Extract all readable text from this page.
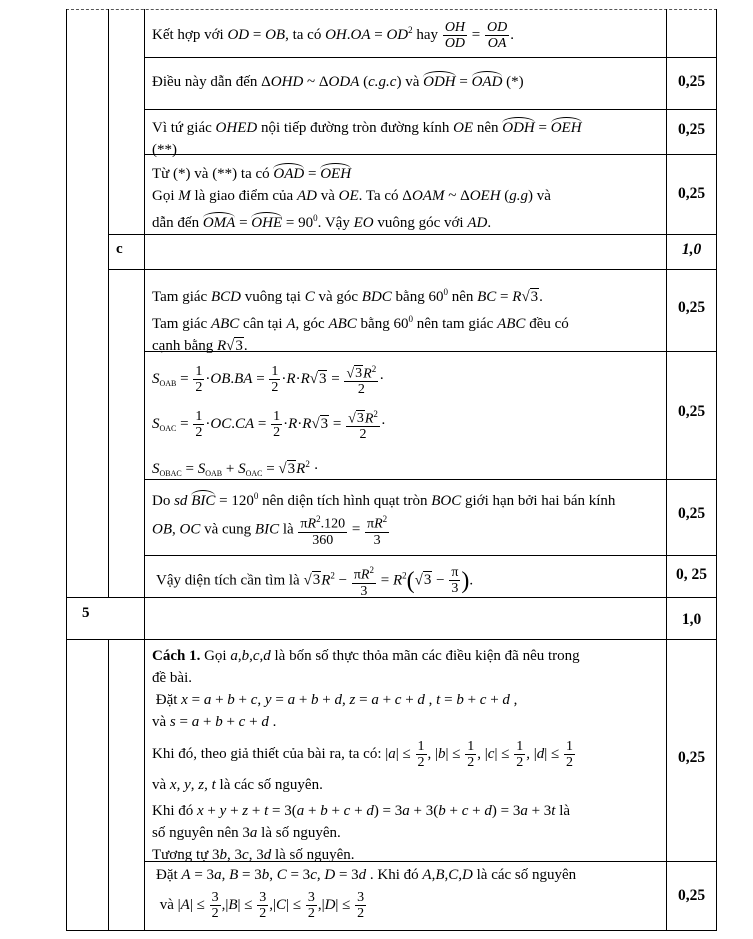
Kết hợp với OD = OB, ta có $OH.OA = OD^2$ hay $\frac{OH}{OD} = \frac{OD}{OA}$ .
Điều này dẫn đến ΔOHD ~ ΔODA (c.g.c) và ODH = OAD (*)	0,25
Vì tứ giác OHED nội tiếp đường tròn đường kính OE nên ODH = OEH
(**)
0,25
Từ (*) và (**) ta có OAD = OEH
Gọi M là giao điểm của AD và OE. Ta có ΔOAM ~ ΔOEH (g.g) và
dẫn đến OMA = OHE = $90^0$. Vậy EO vuông góc với AD.
0,25
c	1,0
Tam giác BCD vuông tại C và góc BDC bằng $60^0$ nên BC = R√3.
Tam giác ABC cân tại A, góc ABC bằng $60^0$ nên tam giác ABC đều có
cạnh bằng R√3.
0,25
$S_{OAB} = \frac{1}{2} \cdot OB.BA = \frac{1}{2} \cdot R\cdot R√3 = \frac{√3R^2}{2}$ ·
$S_{OAC} = \frac{1}{2} \cdot OC.CA = \frac{1}{2} \cdot R\cdot R√3 = \frac{√3R^2}{2}$ ·
$S_{OBAC} = S_{OAB} + S_{OAC} = √3R^2$ ·
0,25
Do sd BIC = $120^0$ nên diện tích hình quạt tròn BOC giới hạn bởi hai bán kính
OB, OC và cung BIC là $\frac{\pi R^2.120}{360} = \frac{\pi R^2}{3}$	0,25
Vậy diện tích cần tìm là $√3R^2 - \frac{\pi R^2}{3} = R^2(√3 - \frac{\pi}{3}$ ).	0, 25
5	1,0
Cách 1. Gọi a,b,c,d là bốn số thực thỏa mãn các điều kiện đã nêu trong
đề bài.
Đặt x = a + b + c, y = a + b + d, z = a + c + d , t = b + c + d ,
và s = a + b + c + d .

Khi đó, theo giả thiết của bài ra, ta có: $|a| \le \frac{1}{2}$ , $|b| \le \frac{1}{2}$ , $|c| \le \frac{1}{2}$ , $|d| \le \frac{1}{2}$
và x, y, z, t là các số nguyên.
Khi đó x + y + z + t = 3(a + b + c + d) = 3a + 3(b + c + d) = 3a + 3t là
số nguyên nên 3a là số nguyên.
Tương tự 3b, 3c, 3d là số nguyên.
0,25
Đặt A = 3a, B = 3b, C = 3c, D = 3d . Khi đó A,B,C,D là các số nguyên

và $|A| \le \frac{3}{2} ,|B| \le \frac{3}{2} ,|C| \le \frac{3}{2} ,|D| \le \frac{3}{2}$	0,25
